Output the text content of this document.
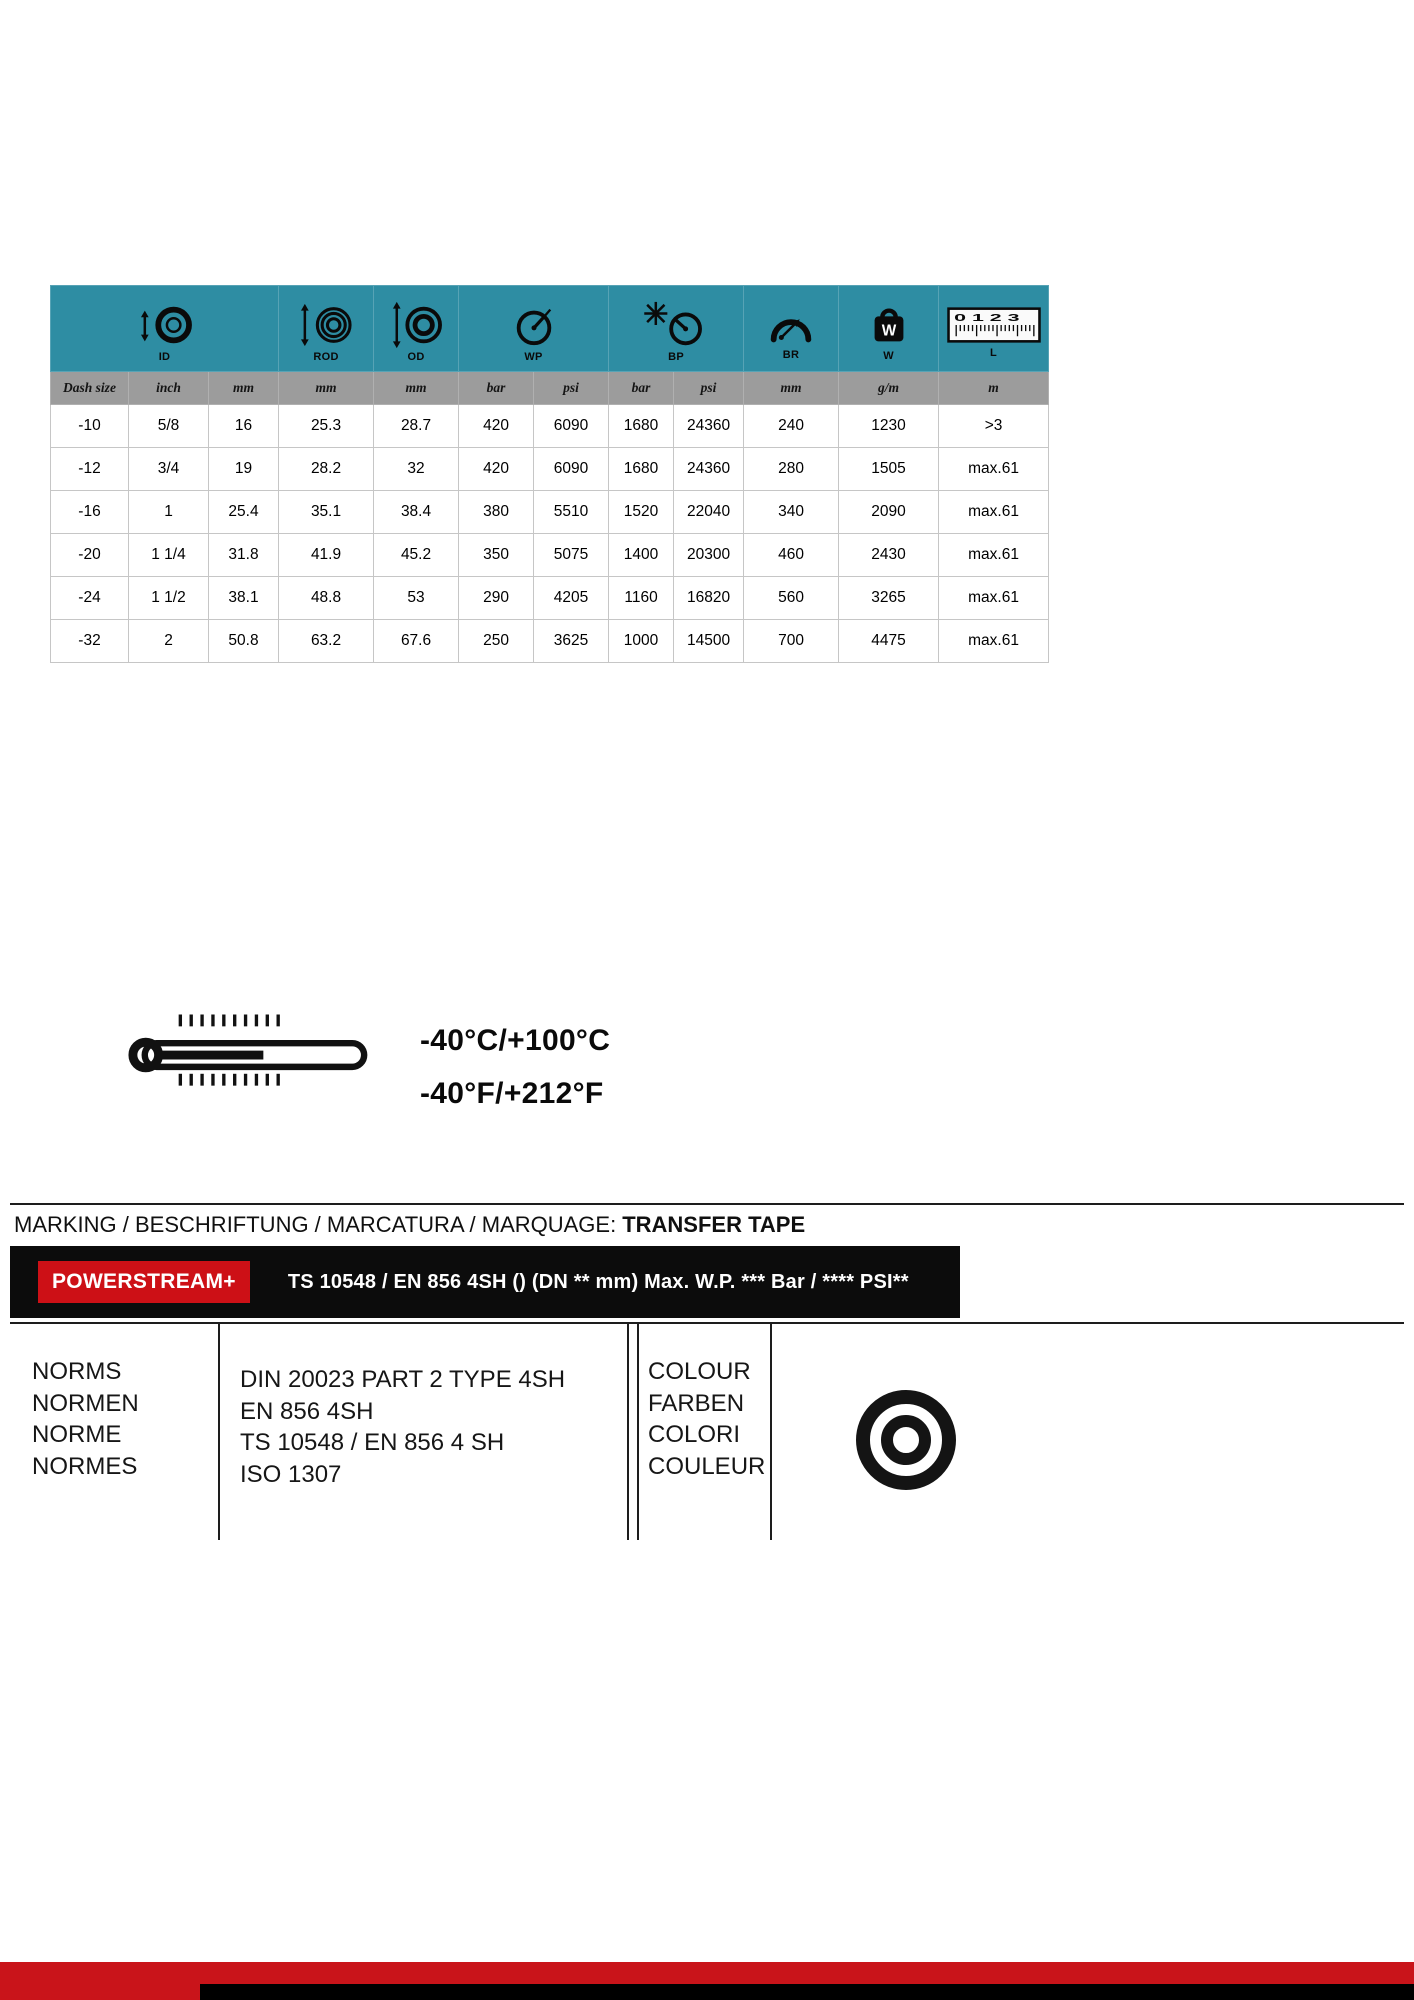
ID			ROD	OD	WP		BP		BR	W	L

Dash size	inch	mm	mm	mm	bar	psi	bar	psi	mm	g/m	m
-10	5/8	16	25.3	28.7	420	6090	1680	24360	240	1230	>3
-12	3/4	19	28.2	32	420	6090	1680	24360	280	1505	max.61
-16	1	25.4	35.1	38.4	380	5510	1520	22040	340	2090	max.61
-20	1 1/4	31.8	41.9	45.2	350	5075	1400	20300	460	2430	max.61
-24	1 1/2	38.1	48.8	53	290	4205	1160	16820	560	3265	max.61
-32	2	50.8	63.2	67.6	250	3625	1000	14500	700	4475	max.61
-40°C/+100°C
-40°F/+212°F
MARKING / BESCHRIFTUNG / MARCATURA / MARQUAGE: TRANSFER TAPE
POWERSTREAM+	TS 10548 / EN 856 4SH () (DN ** mm) Max. W.P. *** Bar / **** PSI**
NORMS
NORMEN
NORME
NORMES
DIN 20023 PART 2 TYPE 4SH
EN 856 4SH
TS 10548 / EN 856 4 SH
ISO 1307
COLOUR
FARBEN
COLORI
COULEUR
